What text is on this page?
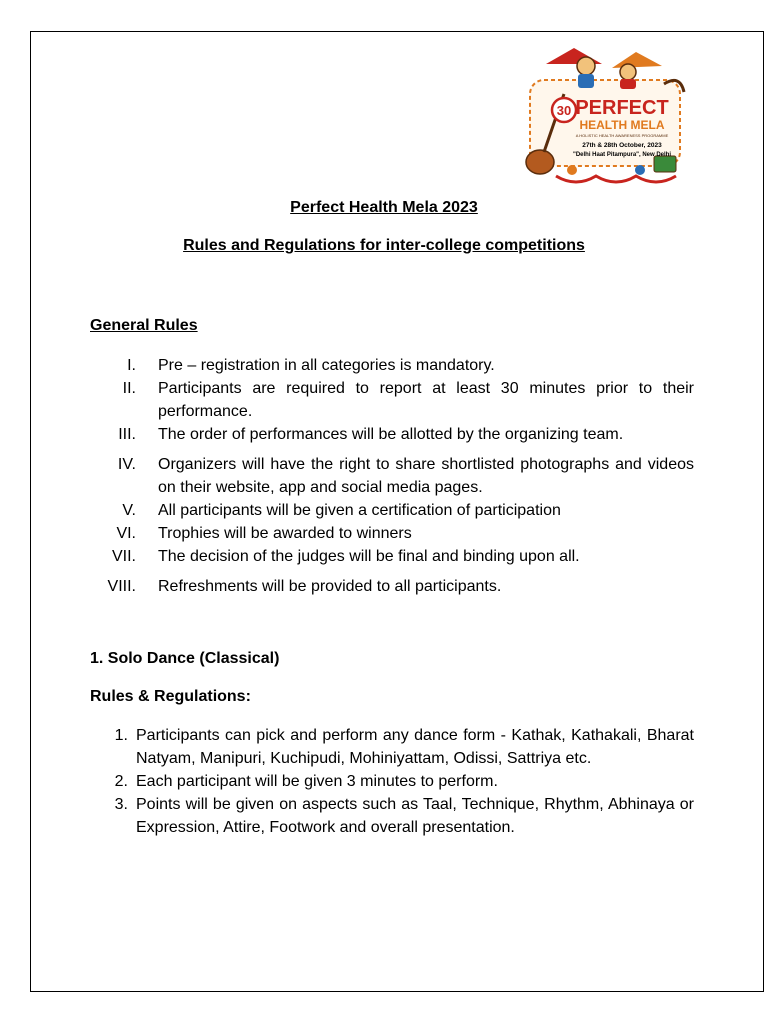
30 PERFECT
HEALTH MELA
A HOLISTIC HEALTH AWARENESS PROGRAMME
27th & 28th October, 2023
"Delhi Haat Pitampura", New Delhi

Perfect Health Mela 2023

Rules and Regulations for inter-college competitions

General Rules

I. Pre – registration in all categories is mandatory.
II. Participants are required to report at least 30 minutes prior to their performance.
III. The order of performances will be allotted by the organizing team.
IV. Organizers will have the right to share shortlisted photographs and videos on their website, app and social media pages.
V. All participants will be given a certification of participation
VI. Trophies will be awarded to winners
VII. The decision of the judges will be final and binding upon all.
VIII. Refreshments will be provided to all participants.

1. Solo Dance (Classical)

Rules & Regulations:

1. Participants can pick and perform any dance form - Kathak, Kathakali, Bharat Natyam, Manipuri, Kuchipudi, Mohiniyattam, Odissi, Sattriya etc.
2. Each participant will be given 3 minutes to perform.
3. Points will be given on aspects such as Taal, Technique, Rhythm, Abhinaya or Expression, Attire, Footwork and overall presentation.
